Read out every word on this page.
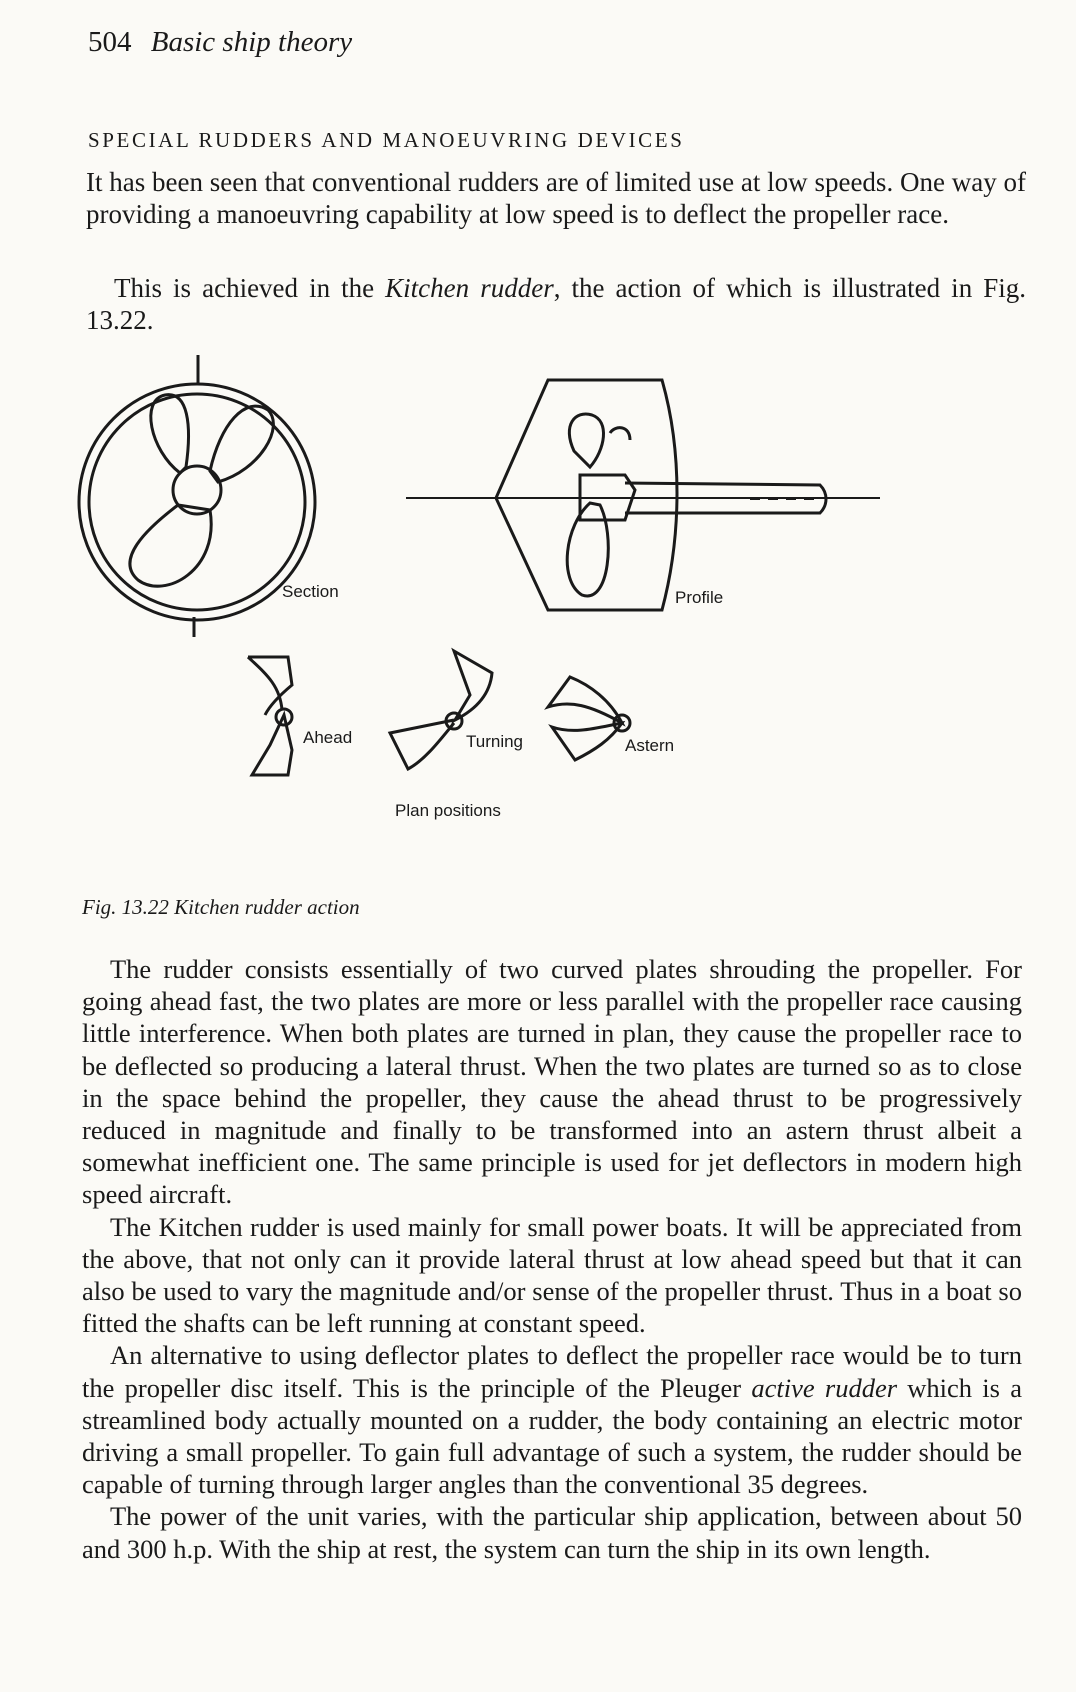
504 Basic ship theory
SPECIAL RUDDERS AND MANOEUVRING DEVICES
It has been seen that conventional rudders are of limited use at low speeds. One way of providing a manoeuvring capability at low speed is to deflect the propeller race.
This is achieved in the Kitchen rudder, the action of which is illustrated in Fig. 13.22.
Section	Profile
Ahead	Turning	Astern
Plan positions
Fig. 13.22 Kitchen rudder action

The rudder consists essentially of two curved plates shrouding the propeller. For going ahead fast, the two plates are more or less parallel with the propeller race causing little interference. When both plates are turned in plan, they cause the propeller race to be deflected so producing a lateral thrust. When the two plates are turned so as to close in the space behind the propeller, they cause the ahead thrust to be progressively reduced in magnitude and finally to be transformed into an astern thrust albeit a somewhat inefficient one. The same principle is used for jet deflectors in modern high speed aircraft.

The Kitchen rudder is used mainly for small power boats. It will be appreciated from the above, that not only can it provide lateral thrust at low ahead speed but that it can also be used to vary the magnitude and/or sense of the propeller thrust. Thus in a boat so fitted the shafts can be left running at constant speed.

An alternative to using deflector plates to deflect the propeller race would be to turn the propeller disc itself. This is the principle of the Pleuger active rudder which is a streamlined body actually mounted on a rudder, the body containing an electric motor driving a small propeller. To gain full advantage of such a system, the rudder should be capable of turning through larger angles than the conventional 35 degrees.

The power of the unit varies, with the particular ship application, between about 50 and 300 h.p. With the ship at rest, the system can turn the ship in its own length.
